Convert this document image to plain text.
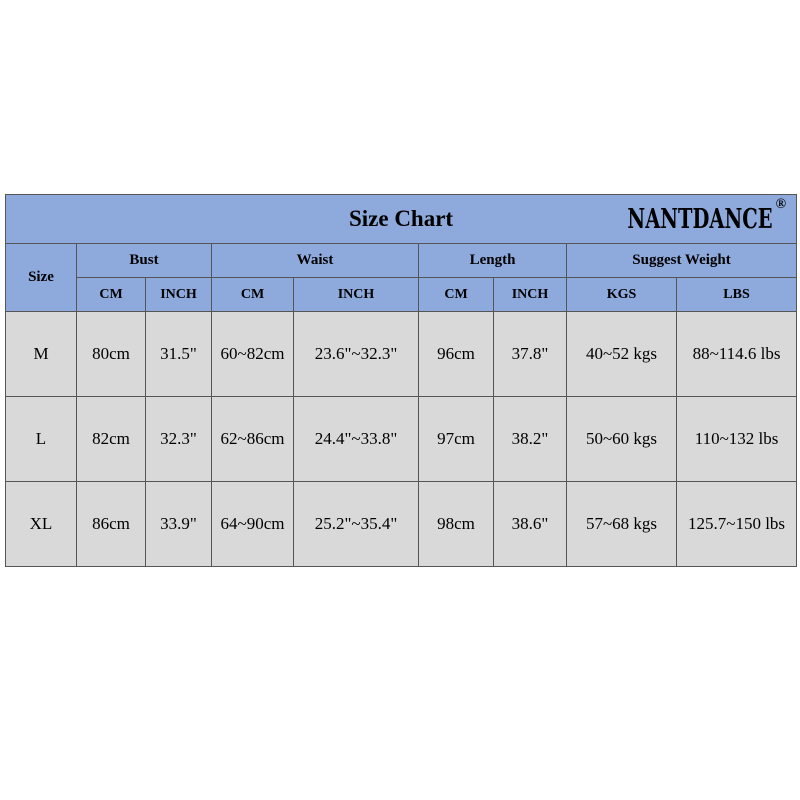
Size Chart NANTDANCE ®								

Size	Bust		Waist		Length		Suggest Weight	
	CM	INCH	CM	INCH	CM	INCH	KGS	LBS
M	80cm	31.5"	60~82cm	23.6"~32.3"	96cm	37.8"	40~52 kgs	88~114.6 lbs
L	82cm	32.3"	62~86cm	24.4"~33.8"	97cm	38.2"	50~60 kgs	110~132 lbs
XL	86cm	33.9"	64~90cm	25.2"~35.4"	98cm	38.6"	57~68 kgs	125.7~150 lbs
